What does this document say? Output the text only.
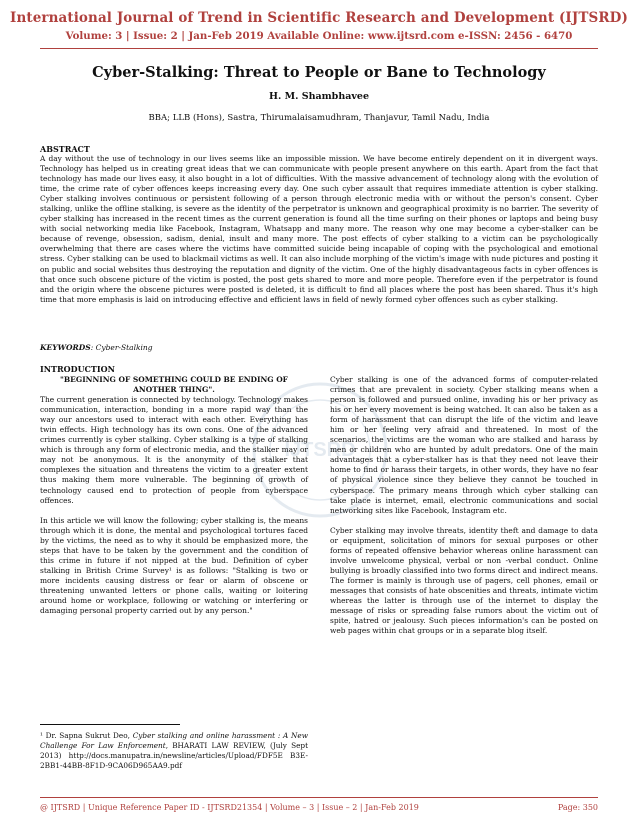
International Journal of Trend in Scientific Research and Development (IJTSRD)
Volume: 3 | Issue: 2 | Jan-Feb 2019 Available Online: www.ijtsrd.com e-ISSN: 2456 - 6470
IJTSRD
Cyber-Stalking: Threat to People or Bane to Technology
H. M. Shambhavee
BBA; LLB (Hons), Sastra, Thirumalaisamudhram, Thanjavur, Tamil Nadu, India
ABSTRACT
A day without the use of technology in our lives seems like an impossible mission. We have become entirely dependent on it in divergent ways. Technology has helped us in creating great ideas that we can communicate with people present anywhere on this earth. Apart from the fact that technology has made our lives easy, it also bought in a lot of difficulties. With the massive advancement of technology along with the evolution of time, the crime rate of cyber offences keeps increasing every day. One such cyber assault that requires immediate attention is cyber stalking. Cyber stalking involves continuous or persistent following of a person through electronic media with or without the person's consent. Cyber stalking, unlike the offline stalking, is severe as the identity of the perpetrator is unknown and geographical proximity is no barrier. The severity of cyber stalking has increased in the recent times as the current generation is found all the time surfing on their phones or laptops and being busy with social networking media like Facebook, Instagram, Whatsapp and many more. The reason why one may become a cyber-stalker can be because of revenge, obsession, sadism, denial, insult and many more. The post effects of cyber stalking to a victim can be psychologically overwhelming that there are cases where the victims have committed suicide being incapable of coping with the psychological and emotional stress. Cyber stalking can be used to blackmail victims as well. It can also include morphing of the victim's image with nude pictures and posting it on public and social websites thus destroying the reputation and dignity of the victim. One of the highly disadvantageous facts in cyber offences is that once such obscene picture of the victim is posted, the post gets shared to more and more people. Therefore even if the perpetrator is found and the origin where the obscene pictures were posted is deleted, it is difficult to find all places where the post has been shared. Thus it's high time that more emphasis is laid on introducing effective and efficient laws in field of newly formed cyber offences such as cyber stalking.
KEYWORDS: Cyber-Stalking
INTRODUCTION

"BEGINNING OF SOMETHING COULD BE ENDING OF ANOTHER THING".

The current generation is connected by technology. Technology makes communication, interaction, bonding in a more rapid way than the way our ancestors used to interact with each other. Everything has twin effects. High technology has its own cons. One of the advanced crimes currently is cyber stalking. Cyber stalking is a type of stalking which is through any form of electronic media, and the stalker may or may not be anonymous. It is the anonymity of the stalker that complexes the situation and threatens the victim to a greater extent thus making them more vulnerable. The beginning of growth of technology caused end to protection of people from cyberspace offences.

In this article we will know the following; cyber stalking is, the means through which it is done, the mental and psychological tortures faced by the victims, the need as to why it should be emphasized more, the steps that have to be taken by the government and the condition of this crime in future if not nipped at the bud. Definition of cyber stalking in British Crime Survey¹ is as follows: "Stalking is two or more incidents causing distress or fear or alarm of obscene or threatening unwanted letters or phone calls, waiting or loitering around home or workplace, following or watching or interfering or damaging personal property carried out by any person."

Cyber stalking is one of the advanced forms of computer-related crimes that are prevalent in society. Cyber stalking means when a person is followed and pursued online, invading his or her privacy as his or her every movement is being watched. It can also be taken as a form of harassment that can disrupt the life of the victim and leave him or her feeling very afraid and threatened. In most of the scenarios, the victims are the woman who are stalked and harass by men or children who are hunted by adult predators. One of the main advantages that a cyber-stalker has is that they need not leave their home to find or harass their targets, in other words, they have no fear of physical violence since they believe they cannot be touched in cyberspace. The primary means through which cyber stalking can take place is internet, email, electronic communications and social networking sites like Facebook, Instagram etc.

Cyber stalking may involve threats, identity theft and damage to data or equipment, solicitation of minors for sexual purposes or other forms of repeated offensive behavior whereas online harassment can involve unwelcome physical, verbal or non -verbal conduct. Online bullying is broadly classified into two forms direct and indirect means. The former is mainly is through use of pagers, cell phones, email or messages that consists of hate obscenities and threats, intimate victim whereas the latter is through use of the internet to display the message of risks or spreading false rumors about the victim out of spite, hatred or jealousy. Such pieces information's can be posted on web pages within chat groups or in a separate blog itself.

¹ Dr. Sapna Sukrut Deo, Cyber stalking and online harassment : A New Challenge For Law Enforcement, BHARATI LAW REVIEW, (July Sept 2013) http://docs.manupatra.in/newsline/articles/Upload/FDF5E B3E-2BB1-44BB-8F1D-9CA06D965AA9.pdf
@ IJTSRD | Unique Reference Paper ID - IJTSRD21354 | Volume – 3 | Issue – 2 | Jan-Feb 2019	Page: 350
